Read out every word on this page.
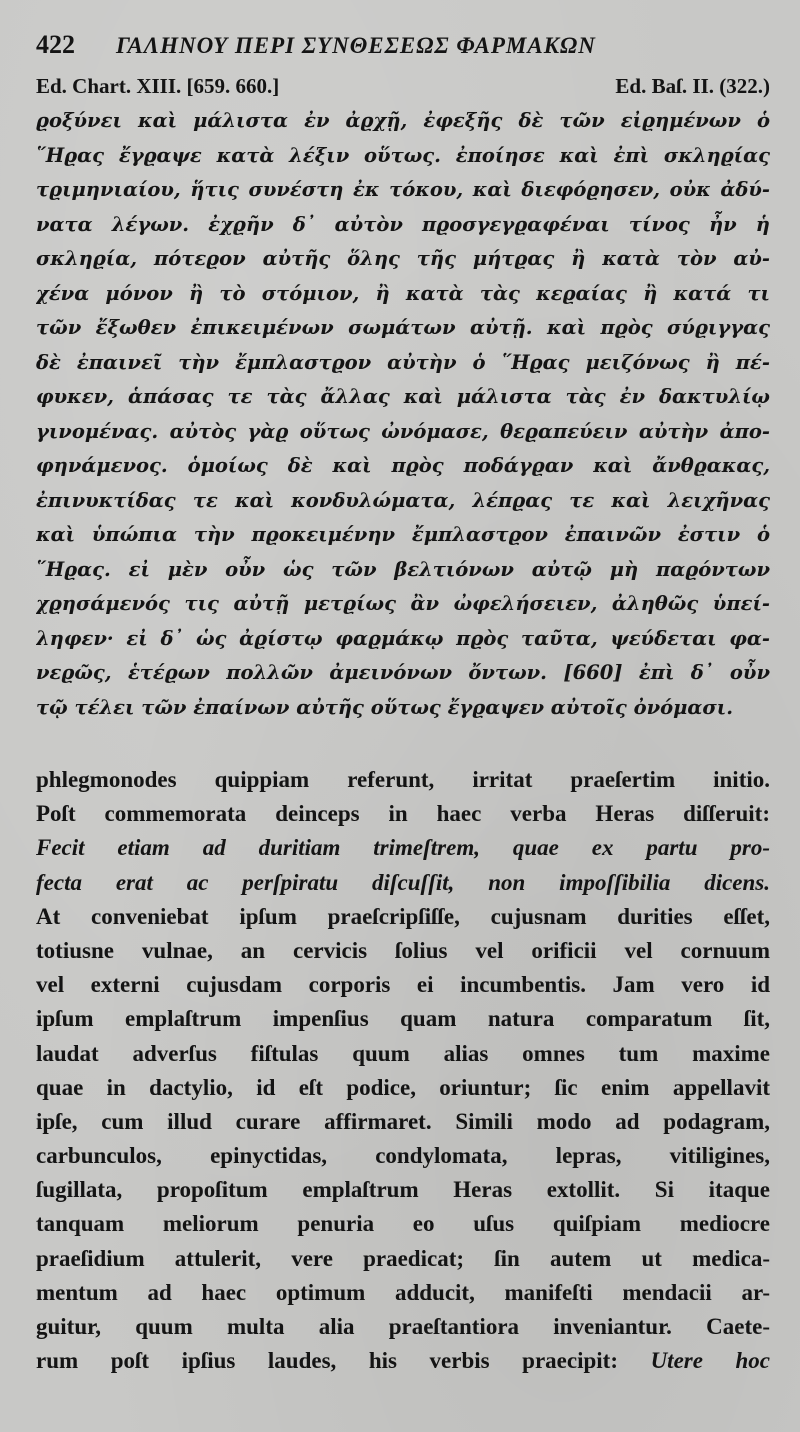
422	ΓΑΛΗΝΟΥ ΠΕΡΙ ΣΥΝΘΕΣΕΩΣ ΦΑΡΜΑΚΩΝ
Ed. Chart. XIII. [659. 660.]	Ed. Baſ. II. (322.)
ϱοξύνει καὶ μάλιστα ἐν ἀϱχῇ, ἐφεξῆς δὲ τῶν εἰϱημένων ὁ
῞Ηϱας ἔγϱαψε κατὰ λέξιν οὕτως. ἐποίησε καὶ ἐπὶ σκληϱίας
τϱιμηνιαίου, ἥτις συνέστη ἐκ τόκου, καὶ διεφόϱησεν, οὐκ ἀδύ-
νατα λέγων. ἐχϱῆν δ᾽ αὐτὸν πϱοσγεγϱαφέναι τίνος ἦν ἡ
σκληϱία, πότεϱον αὐτῆς ὅλης τῆς μήτϱας ἢ κατὰ τὸν αὐ-
χένα μόνον ἢ τὸ στόμιον, ἢ κατὰ τὰς κεϱαίας ἢ κατά τι
τῶν ἔξωθεν ἐπικειμένων σωμάτων αὐτῇ. καὶ πϱὸς σύϱιγγας
δὲ ἐπαινεῖ τὴν ἔμπλαστϱον αὐτὴν ὁ ῞Ηϱας μειζόνως ἢ πέ-
φυκεν, ἁπάσας τε τὰς ἄλλας καὶ μάλιστα τὰς ἐν δακτυλίῳ
γινομένας. αὐτὸς γὰϱ οὕτως ὠνόμασε, θεϱαπεύειν αὐτὴν ἀπο-
φηνάμενος. ὁμοίως δὲ καὶ πϱὸς ποδάγϱαν καὶ ἄνθϱακας,
ἐπινυκτίδας τε καὶ κονδυλώματα, λέπϱας τε καὶ λειχῆνας
καὶ ὑπώπια τὴν πϱοκειμένην ἔμπλαστϱον ἐπαινῶν ἐστιν ὁ
῞Ηϱας. εἰ μὲν οὖν ὡς τῶν βελτιόνων αὐτῷ μὴ παϱόντων
χϱησάμενός τις αὐτῇ μετϱίως ἂν ὠφελήσειεν, ἀληθῶς ὑπεί-
ληφεν· εἰ δ᾽ ὡς ἀϱίστῳ φαϱμάκῳ πϱὸς ταῦτα, ψεύδεται φα-
νεϱῶς, ἑτέϱων πολλῶν ἀμεινόνων ὄντων. [660] ἐπὶ δ᾽ οὖν
τῷ τέλει τῶν ἐπαίνων αὐτῆς οὕτως ἔγϱαψεν αὐτοῖς ὀνόμασι.
phlegmonodes quippiam referunt, irritat praeſertim initio.
Poſt commemorata deinceps in haec verba Heras diſſeruit:
Fecit etiam ad duritiam trimeſtrem, quae ex partu pro-
fecta erat ac perſpiratu diſcuſſit, non impoſſibilia dicens.
At conveniebat ipſum praeſcripſiſſe, cujusnam durities eſſet,
totiusne vulnae, an cervicis ſolius vel orificii vel cornuum
vel externi cujusdam corporis ei incumbentis. Jam vero id
ipſum emplaſtrum impenſius quam natura comparatum ſit,
laudat adverſus fiſtulas quum alias omnes tum maxime
quae in dactylio, id eſt podice, oriuntur; ſic enim appellavit
ipſe, cum illud curare affirmaret. Simili modo ad podagram,
carbunculos, epinyctidas, condylomata, lepras, vitiligines,
ſugillata, propoſitum emplaſtrum Heras extollit. Si itaque
tanquam meliorum penuria eo uſus quiſpiam mediocre
praeſidium attulerit, vere praedicat; ſin autem ut medica-
mentum ad haec optimum adducit, manifeſti mendacii ar-
guitur, quum multa alia praeſtantiora inveniantur. Caete-
rum poſt ipſius laudes, his verbis praecipit: Utere hoc
